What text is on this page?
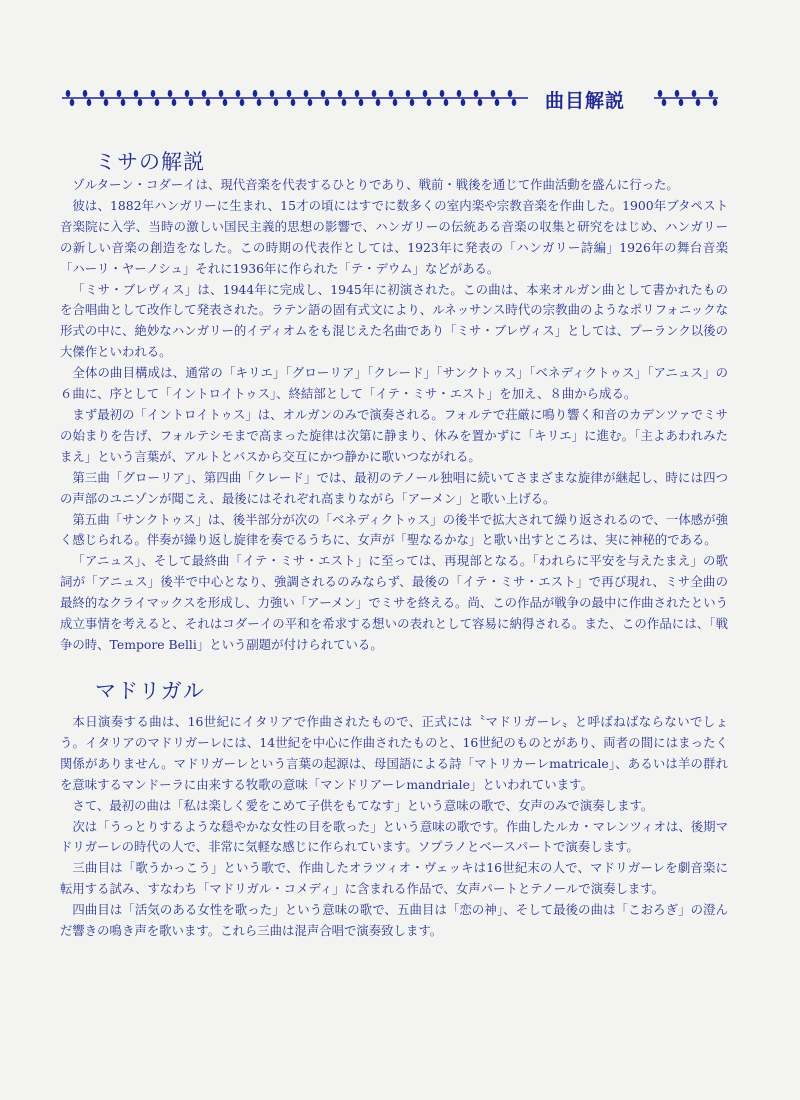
曲目解説
ミサの解説

ゾルターン・コダーイは、現代音楽を代表するひとりであり、戦前・戦後を通じて作曲活動を盛んに行った。

彼は、1882年ハンガリーに生まれ、15才の頃にはすでに数多くの室内楽や宗教音楽を作曲した。1900年ブタペスト音楽院に入学、当時の激しい国民主義的思想の影響で、ハンガリーの伝統ある音楽の収集と研究をはじめ、ハンガリーの新しい音楽の創造をなした。この時期の代表作としては、1923年に発表の「ハンガリー詩編」1926年の舞台音楽「ハーリ・ヤーノシュ」それに1936年に作られた「テ・デウム」などがある。

「ミサ・ブレヴィス」は、1944年に完成し、1945年に初演された。この曲は、本来オルガン曲として書かれたものを合唱曲として改作して発表された。ラテン語の固有式文により、ルネッサンス時代の宗教曲のようなポリフォニックな形式の中に、絶妙なハンガリー的イディオムをも混じえた名曲であり「ミサ・ブレヴィス」としては、プーランク以後の大傑作といわれる。

全体の曲目構成は、通常の「キリエ」「グローリア」「クレード」「サンクトゥス」「ベネディクトゥス」「アニュス」の６曲に、序として「イントロイトゥス」、終結部として「イテ・ミサ・エスト」を加え、８曲から成る。

まず最初の「イントロイトゥス」は、オルガンのみで演奏される。フォルテで荘厳に鳴り響く和音のカデンツァでミサの始まりを告げ、フォルテシモまで高まった旋律は次第に静まり、休みを置かずに「キリエ」に進む。「主よあわれみたまえ」という言葉が、アルトとバスから交互にかつ静かに歌いつながれる。

第三曲「グローリア」、第四曲「クレード」では、最初のテノール独唱に続いてさまざまな旋律が継起し、時には四つの声部のユニゾンが聞こえ、最後にはそれぞれ高まりながら「アーメン」と歌い上げる。

第五曲「サンクトゥス」は、後半部分が次の「ベネディクトゥス」の後半で拡大されて繰り返されるので、一体感が強く感じられる。伴奏が繰り返し旋律を奏でるうちに、女声が「聖なるかな」と歌い出すところは、実に神秘的である。

「アニュス」、そして最終曲「イテ・ミサ・エスト」に至っては、再現部となる。「われらに平安を与えたまえ」の歌詞が「アニュス」後半で中心となり、強調されるのみならず、最後の「イテ・ミサ・エスト」で再び現れ、ミサ全曲の最終的なクライマックスを形成し、力強い「アーメン」でミサを終える。尚、この作品が戦争の最中に作曲されたという成立事情を考えると、それはコダーイの平和を希求する想いの表れとして容易に納得される。また、この作品には、「戦争の時、Tempore Belli」という副題が付けられている。

マドリガル

本日演奏する曲は、16世紀にイタリアで作曲されたもので、正式には〝マドリガーレ〟と呼ばねばならないでしょう。イタリアのマドリガーレには、14世紀を中心に作曲されたものと、16世紀のものとがあり、両者の間にはまったく関係がありません。マドリガーレという言葉の起源は、母国語による詩「マトリカーレmatricale」、あるいは羊の群れを意味するマンドーラに由来する牧歌の意味「マンドリアーレmandriale」といわれています。

さて、最初の曲は「私は楽しく愛をこめて子供をもてなす」という意味の歌で、女声のみで演奏します。

次は「うっとりするような穏やかな女性の目を歌った」という意味の歌です。作曲したルカ・マレンツィオは、後期マドリガーレの時代の人で、非常に気軽な感じに作られています。ソプラノとベースパートで演奏します。

三曲目は「歌うかっこう」という歌で、作曲したオラツィオ・ヴェッキは16世紀末の人で、マドリガーレを劇音楽に転用する試み、すなわち「マドリガル・コメディ」に含まれる作品で、女声パートとテノールで演奏します。

四曲目は「活気のある女性を歌った」という意味の歌で、五曲目は「恋の神」、そして最後の曲は「こおろぎ」の澄んだ響きの鳴き声を歌います。これら三曲は混声合唱で演奏致します。
